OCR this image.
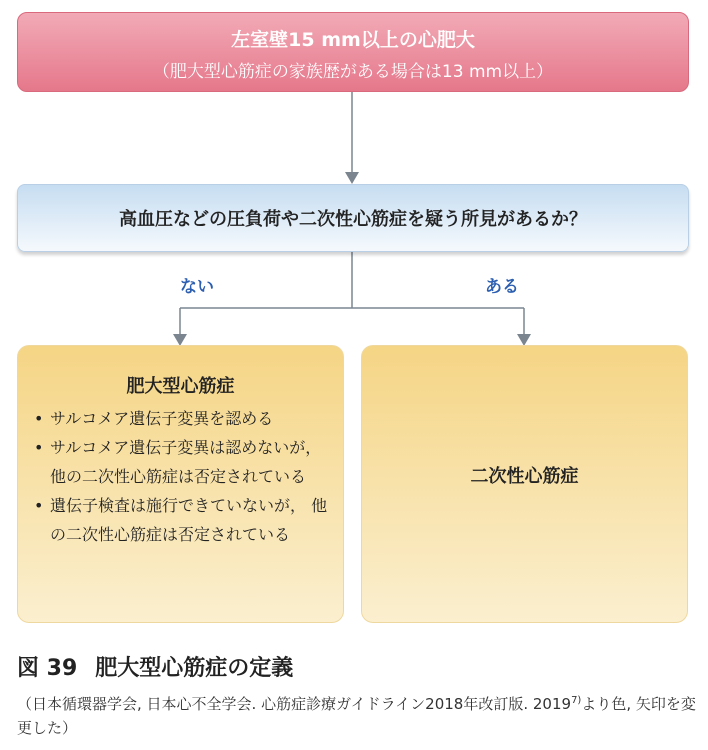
左室壁15 mm以上の心肥大
（肥大型心筋症の家族歴がある場合は13 mm以上）
高血圧などの圧負荷や二次性心筋症を疑う所見があるか？
ない	ある
肥大型心筋症
• サルコメア遺伝子変異を認める
• サルコメア遺伝子変異は認めないが，他の二次性心筋症は否定されている
• 遺伝子検査は施行できていないが， 他の二次性心筋症は否定されている
二次性心筋症
図 39 肥大型心筋症の定義
（日本循環器学会, 日本心不全学会. 心筋症診療ガイドライン2018年改訂版. 2019$^{7)}$より色, 矢印を変更した）
